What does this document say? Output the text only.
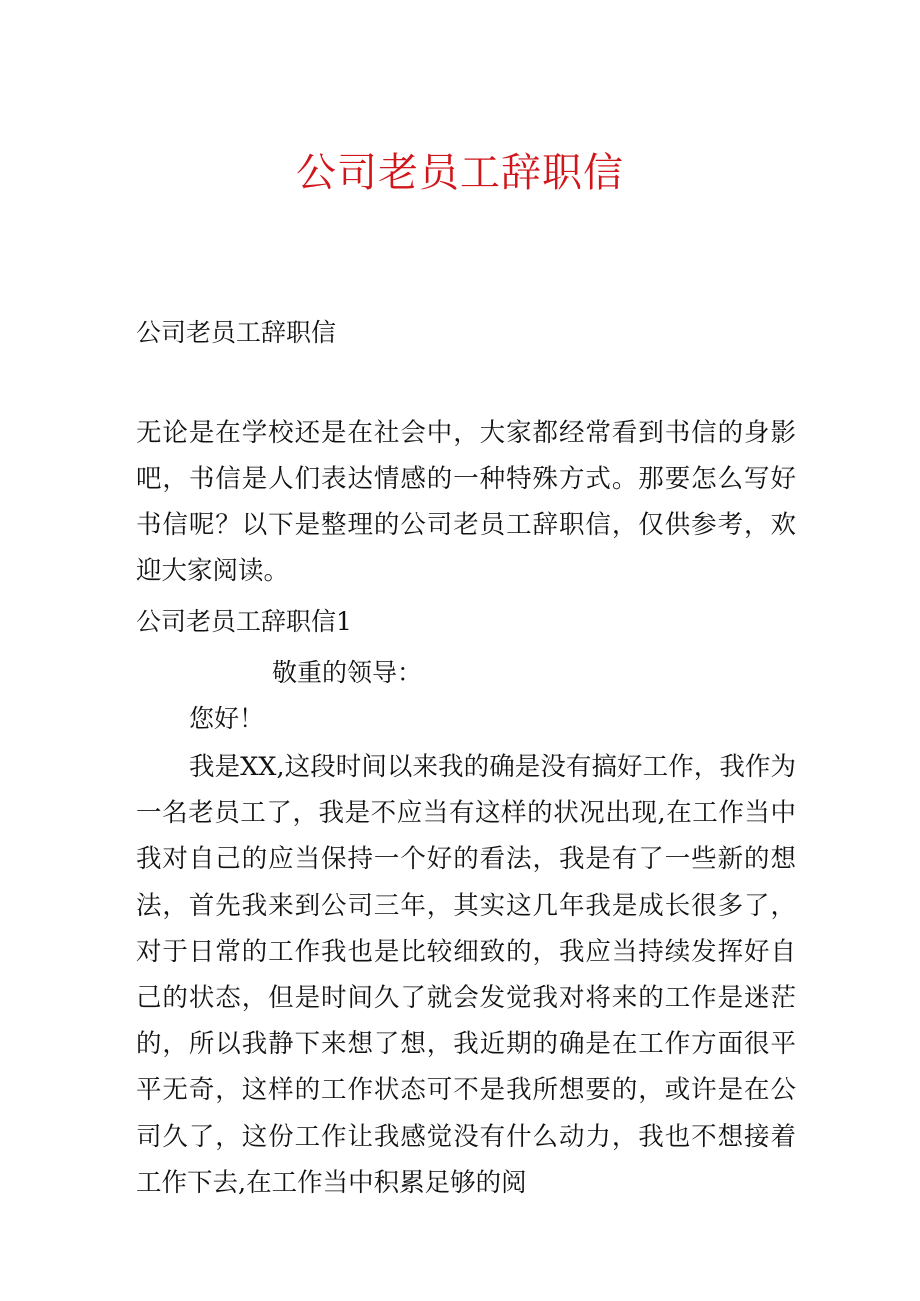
公司老员工辞职信
公司老员工辞职信
无论是在学校还是在社会中，大家都经常看到书信的身影吧，书信是人们表达情感的一种特殊方式。那要怎么写好书信呢？以下是整理的公司老员工辞职信，仅供参考，欢迎大家阅读。
公司老员工辞职信1
敬重的领导：
您好！
我是XX,这段时间以来我的确是没有搞好工作，我作为一名老员工了，我是不应当有这样的状况出现,在工作当中我对自己的应当保持一个好的看法，我是有了一些新的想法，首先我来到公司三年，其实这几年我是成长很多了，对于日常的工作我也是比较细致的，我应当持续发挥好自己的状态，但是时间久了就会发觉我对将来的工作是迷茫的，所以我静下来想了想，我近期的确是在工作方面很平平无奇，这样的工作状态可不是我所想要的，或许是在公司久了，这份工作让我感觉没有什么动力，我也不想接着工作下去,在工作当中积累足够的阅
